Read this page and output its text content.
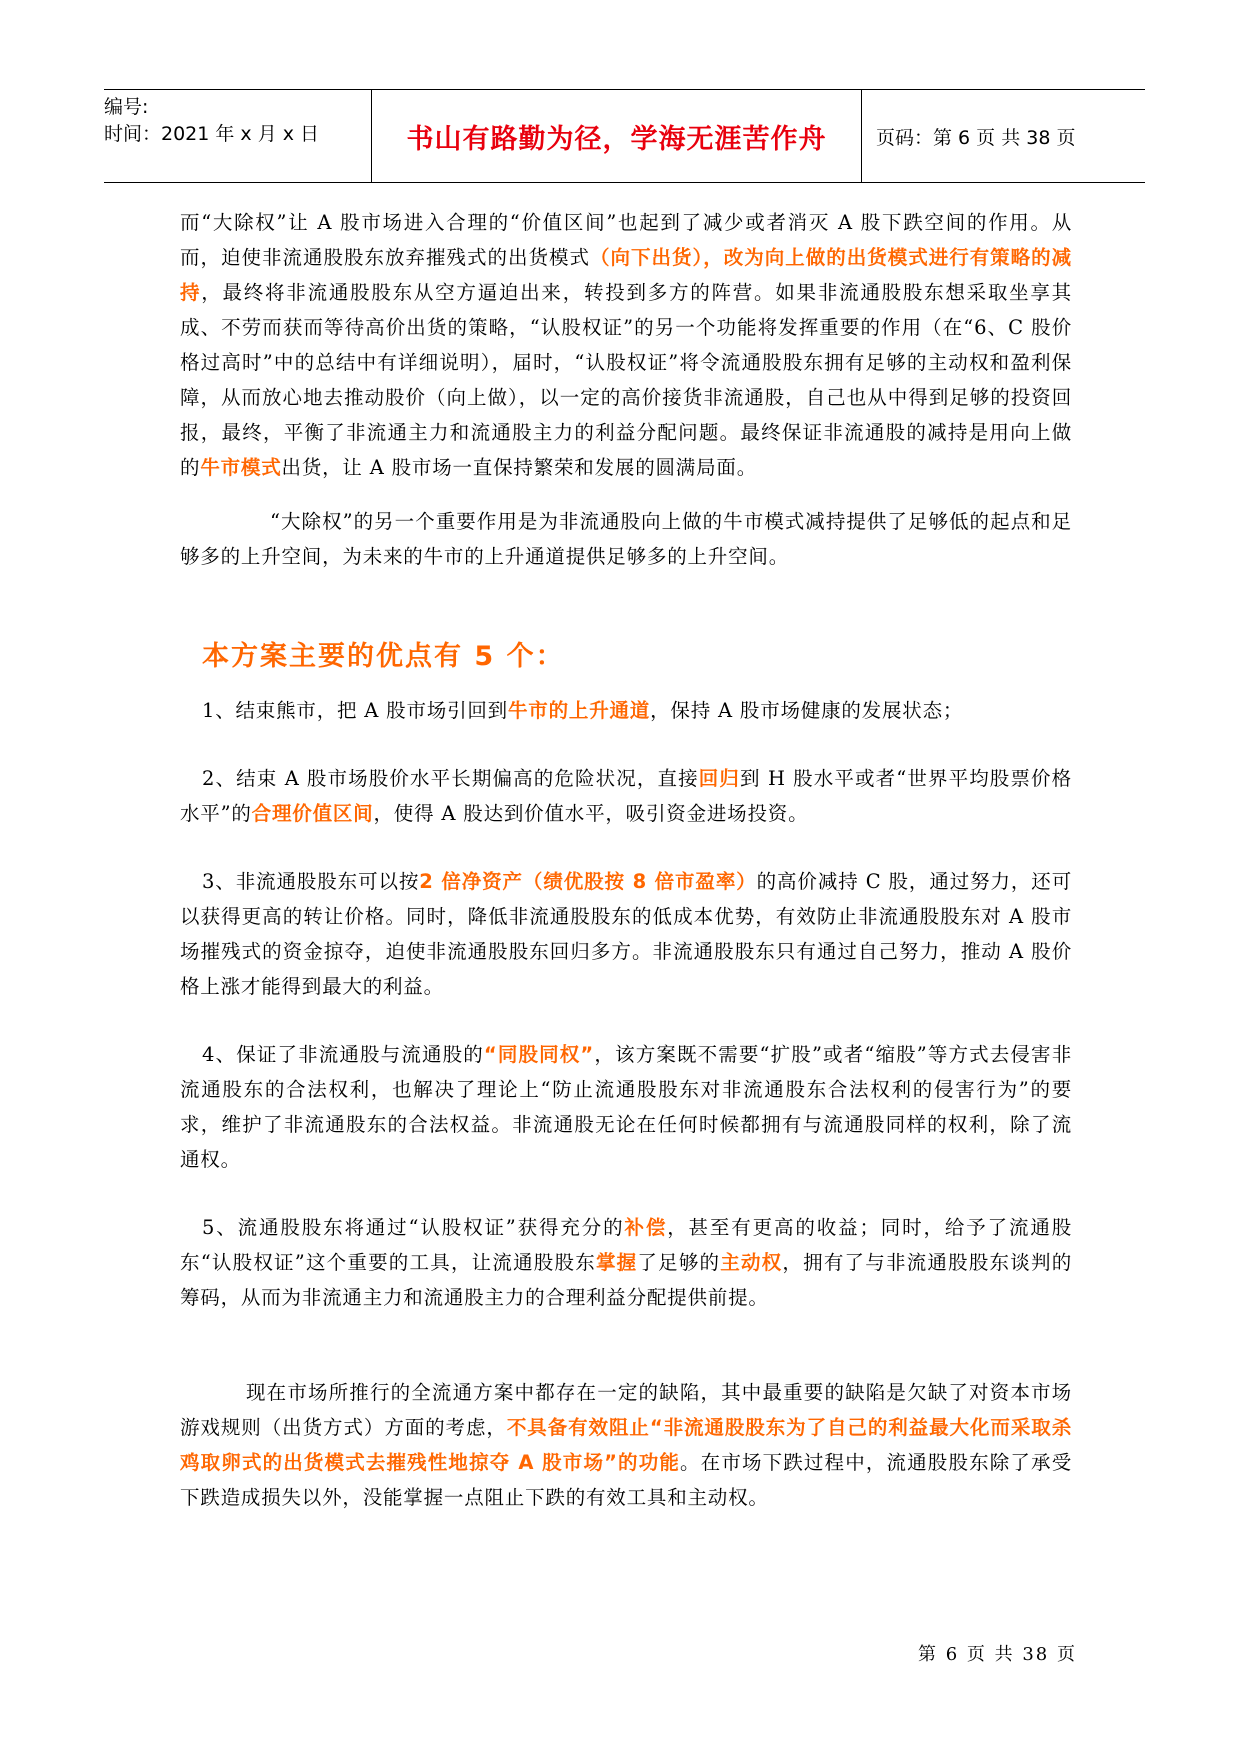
编号:
时间：2021 年 x 月 x 日	书山有路勤为径，学海无涯苦作舟	页码：第 6 页 共 38 页

而“大除权”让 A 股市场进入合理的“价值区间”也起到了减少或者消灭 A 股下跌空间的作用。从而，迫使非流通股股东放弃摧残式的出货模式（向下出货），改为向上做的出货模式进行有策略的减持，最终将非流通股股东从空方逼迫出来，转投到多方的阵营。如果非流通股股东想采取坐享其成、不劳而获而等待高价出货的策略，“认股权证”的另一个功能将发挥重要的作用（在“6、C 股价格过高时”中的总结中有详细说明），届时，“认股权证”将令流通股股东拥有足够的主动权和盈利保障，从而放心地去推动股价（向上做），以一定的高价接货非流通股，自己也从中得到足够的投资回报，最终，平衡了非流通主力和流通股主力的利益分配问题。最终保证非流通股的减持是用向上做的牛市模式出货，让 A 股市场一直保持繁荣和发展的圆满局面。

“大除权”的另一个重要作用是为非流通股向上做的牛市模式减持提供了足够低的起点和足够多的上升空间，为未来的牛市的上升通道提供足够多的上升空间。

本方案主要的优点有 5 个：

1、结束熊市，把 A 股市场引回到牛市的上升通道，保持 A 股市场健康的发展状态；

2、结束 A 股市场股价水平长期偏高的危险状况，直接回归到 H 股水平或者“世界平均股票价格水平”的合理价值区间，使得 A 股达到价值水平，吸引资金进场投资。

3、非流通股股东可以按2 倍净资产（绩优股按 8 倍市盈率）的高价减持 C 股，通过努力，还可以获得更高的转让价格。同时，降低非流通股股东的低成本优势，有效防止非流通股股东对 A 股市场摧残式的资金掠夺，迫使非流通股股东回归多方。非流通股股东只有通过自己努力，推动 A 股价格上涨才能得到最大的利益。

4、保证了非流通股与流通股的“同股同权”，该方案既不需要“扩股”或者“缩股”等方式去侵害非流通股东的合法权利，也解决了理论上“防止流通股股东对非流通股东合法权利的侵害行为”的要求，维护了非流通股东的合法权益。非流通股无论在任何时候都拥有与流通股同样的权利，除了流通权。

5、流通股股东将通过“认股权证”获得充分的补偿，甚至有更高的收益；同时，给予了流通股东“认股权证”这个重要的工具，让流通股股东掌握了足够的主动权，拥有了与非流通股股东谈判的筹码，从而为非流通主力和流通股主力的合理利益分配提供前提。

现在市场所推行的全流通方案中都存在一定的缺陷，其中最重要的缺陷是欠缺了对资本市场游戏规则（出货方式）方面的考虑，不具备有效阻止“非流通股股东为了自己的利益最大化而采取杀鸡取卵式的出货模式去摧残性地掠夺 A 股市场”的功能。在市场下跌过程中，流通股股东除了承受下跌造成损失以外，没能掌握一点阻止下跌的有效工具和主动权。

第 6 页 共 38 页
